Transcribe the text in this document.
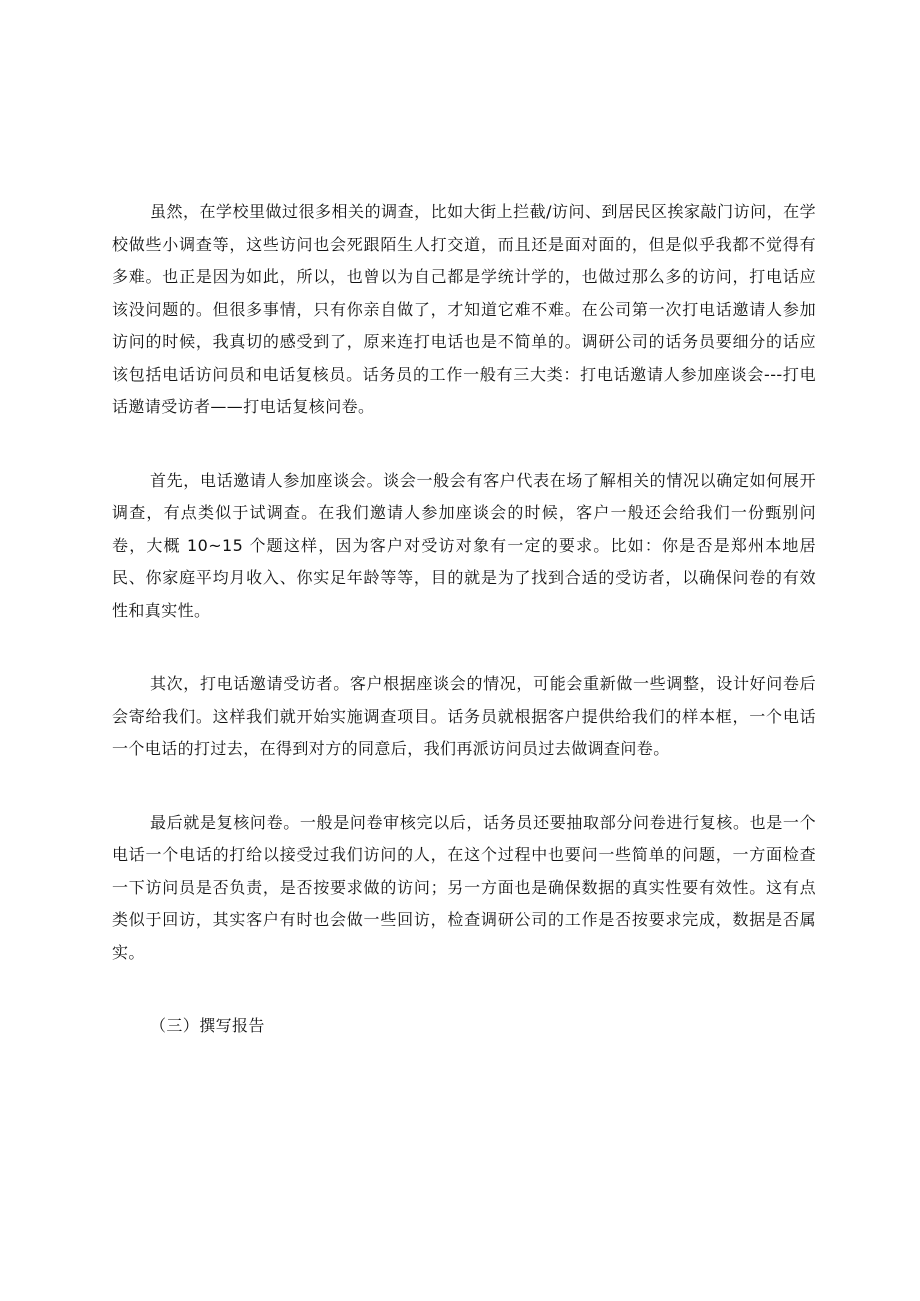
虽然，在学校里做过很多相关的调查，比如大街上拦截/访问、到居民区挨家敲门访问，在学校做些小调查等，这些访问也会死跟陌生人打交道，而且还是面对面的，但是似乎我都不觉得有多难。也正是因为如此，所以，也曾以为自己都是学统计学的，也做过那么多的访问，打电话应该没问题的。但很多事情，只有你亲自做了，才知道它难不难。在公司第一次打电话邀请人参加访问的时候，我真切的感受到了，原来连打电话也是不简单的。调研公司的话务员要细分的话应该包括电话访问员和电话复核员。话务员的工作一般有三大类：打电话邀请人参加座谈会---打电话邀请受访者——打电话复核问卷。

首先，电话邀请人参加座谈会。谈会一般会有客户代表在场了解相关的情况以确定如何展开调查，有点类似于试调查。在我们邀请人参加座谈会的时候，客户一般还会给我们一份甄别问卷，大概 10~15 个题这样，因为客户对受访对象有一定的要求。比如：你是否是郑州本地居民、你家庭平均月收入、你实足年龄等等，目的就是为了找到合适的受访者，以确保问卷的有效性和真实性。

其次，打电话邀请受访者。客户根据座谈会的情况，可能会重新做一些调整，设计好问卷后会寄给我们。这样我们就开始实施调查项目。话务员就根据客户提供给我们的样本框，一个电话一个电话的打过去，在得到对方的同意后，我们再派访问员过去做调查问卷。

最后就是复核问卷。一般是问卷审核完以后，话务员还要抽取部分问卷进行复核。也是一个电话一个电话的打给以接受过我们访问的人，在这个过程中也要问一些简单的问题，一方面检查一下访问员是否负责，是否按要求做的访问；另一方面也是确保数据的真实性要有效性。这有点类似于回访，其实客户有时也会做一些回访，检查调研公司的工作是否按要求完成，数据是否属实。

（三）撰写报告
